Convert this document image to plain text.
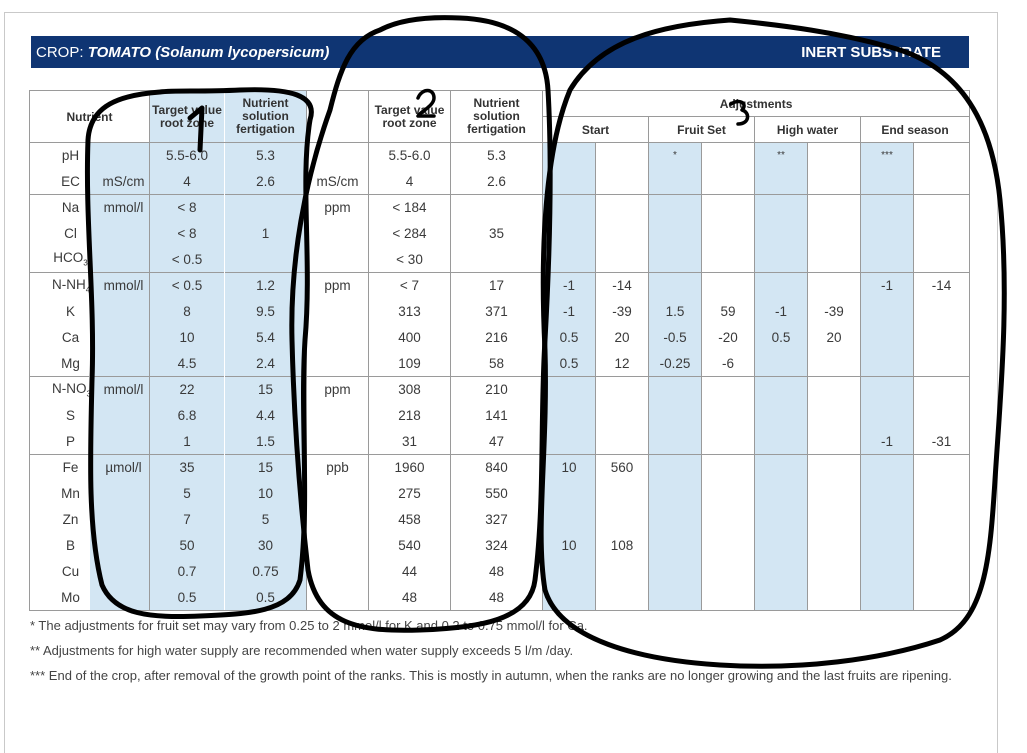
CROP: TOMATO (Solanum lycopersicum)	INERT SUBSTRATE
Nutrient		Target value root zone	Nutrient solution fertigation		Target value root zone	Nutrient solution fertigation	Adjustments							
							Start		Fruit Set		High water		End season	
pH		5.5-6.0	5.3		5.5-6.0	5.3			*		**		***	
EC	mS/cm	4	2.6	mS/cm	4	2.6								
Na	mmol/l	< 8		ppm	< 184									
Cl		< 8	1		< 284	35								
$HCO_3$		< 0.5			< 30									
$N-NH_4$	mmol/l	< 0.5	1.2	ppm	< 7	17	-1	-14					-1	-14
K		8	9.5		313	371	-1	-39	1.5	59	-1	-39		
Ca		10	5.4		400	216	0.5	20	-0.5	-20	0.5	20		
Mg		4.5	2.4		109	58	0.5	12	-0.25	-6				
$N-NO_3$	mmol/l	22	15	ppm	308	210								
S		6.8	4.4		218	141								
P		1	1.5		31	47							-1	-31
Fe	µmol/l	35	15	ppb	1960	840	10	560						
Mn		5	10		275	550								
Zn		7	5		458	327								
B		50	30		540	324	10	108						
Cu		0.7	0.75		44	48								
Mo		0.5	0.5		48	48								

* The adjustments for fruit set may vary from 0.25 to 2 mmol/l for K and 0.2 to 0.75 mmol/l for Ca.

** Adjustments for high water supply are recommended when water supply exceeds 5 l/m /day.

*** End of the crop, after removal of the growth point of the ranks. This is mostly in autumn, when the ranks are no longer growing and the last fruits are ripening.
